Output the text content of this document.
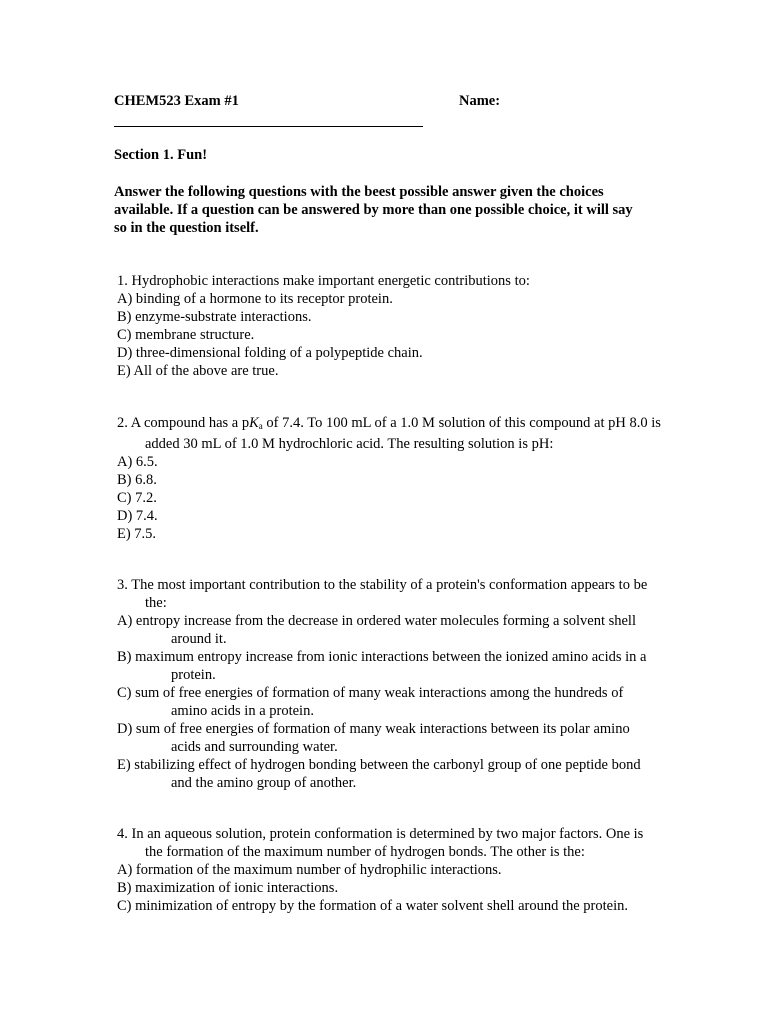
CHEM523 Exam #1	Name:
Section 1. Fun!
Answer the following questions with the beest possible answer given the choices available. If a question can be answered by more than one possible choice, it will say so in the question itself.
1. Hydrophobic interactions make important energetic contributions to:
A) binding of a hormone to its receptor protein.
B) enzyme-substrate interactions.
C) membrane structure.
D) three-dimensional folding of a polypeptide chain.
E) All of the above are true.
2. A compound has a $pK_a$ of 7.4. To 100 mL of a 1.0 M solution of this compound at pH 8.0 is added 30 mL of 1.0 M hydrochloric acid. The resulting solution is pH:
A) 6.5.
B) 6.8.
C) 7.2.
D) 7.4.
E) 7.5.
3. The most important contribution to the stability of a protein's conformation appears to be the:
A) entropy increase from the decrease in ordered water molecules forming a solvent shell around it.
B) maximum entropy increase from ionic interactions between the ionized amino acids in a protein.
C) sum of free energies of formation of many weak interactions among the hundreds of amino acids in a protein.
D) sum of free energies of formation of many weak interactions between its polar amino acids and surrounding water.
E) stabilizing effect of hydrogen bonding between the carbonyl group of one peptide bond and the amino group of another.
4. In an aqueous solution, protein conformation is determined by two major factors. One is the formation of the maximum number of hydrogen bonds. The other is the:
A) formation of the maximum number of hydrophilic interactions.
B) maximization of ionic interactions.
C) minimization of entropy by the formation of a water solvent shell around the protein.
